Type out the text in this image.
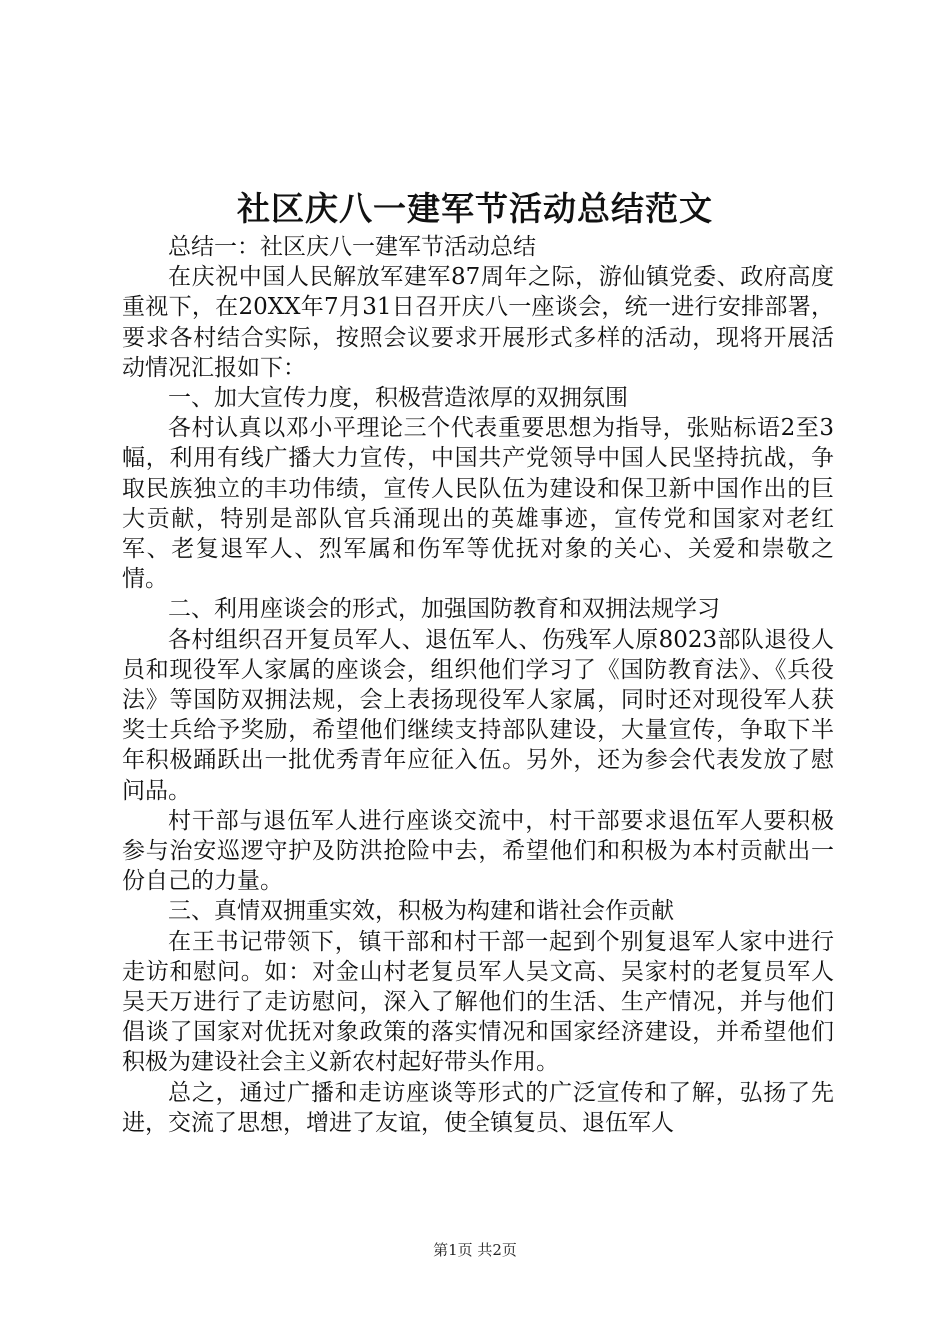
社区庆八一建军节活动总结范文

总结一：社区庆八一建军节活动总结

在庆祝中国人民解放军建军87周年之际，游仙镇党委、政府高度重视下，在20XX年7月31日召开庆八一座谈会，统一进行安排部署，要求各村结合实际，按照会议要求开展形式多样的活动，现将开展活动情况汇报如下：

一、加大宣传力度，积极营造浓厚的双拥氛围

各村认真以邓小平理论三个代表重要思想为指导，张贴标语2至3幅，利用有线广播大力宣传，中国共产党领导中国人民坚持抗战，争取民族独立的丰功伟绩，宣传人民队伍为建设和保卫新中国作出的巨大贡献，特别是部队官兵涌现出的英雄事迹，宣传党和国家对老红军、老复退军人、烈军属和伤军等优抚对象的关心、关爱和崇敬之情。

二、利用座谈会的形式，加强国防教育和双拥法规学习

各村组织召开复员军人、退伍军人、伤残军人原8023部队退役人员和现役军人家属的座谈会，组织他们学习了《国防教育法》、《兵役法》等国防双拥法规，会上表扬现役军人家属，同时还对现役军人获奖士兵给予奖励，希望他们继续支持部队建设，大量宣传，争取下半年积极踊跃出一批优秀青年应征入伍。另外，还为参会代表发放了慰问品。

村干部与退伍军人进行座谈交流中，村干部要求退伍军人要积极参与治安巡逻守护及防洪抢险中去，希望他们和积极为本村贡献出一份自己的力量。

三、真情双拥重实效，积极为构建和谐社会作贡献

在王书记带领下，镇干部和村干部一起到个别复退军人家中进行走访和慰问。如：对金山村老复员军人吴文高、吴家村的老复员军人吴天万进行了走访慰问，深入了解他们的生活、生产情况，并与他们倡谈了国家对优抚对象政策的落实情况和国家经济建设，并希望他们积极为建设社会主义新农村起好带头作用。

总之，通过广播和走访座谈等形式的广泛宣传和了解，弘扬了先进，交流了思想，增进了友谊，使全镇复员、退伍军人

第1页 共2页
